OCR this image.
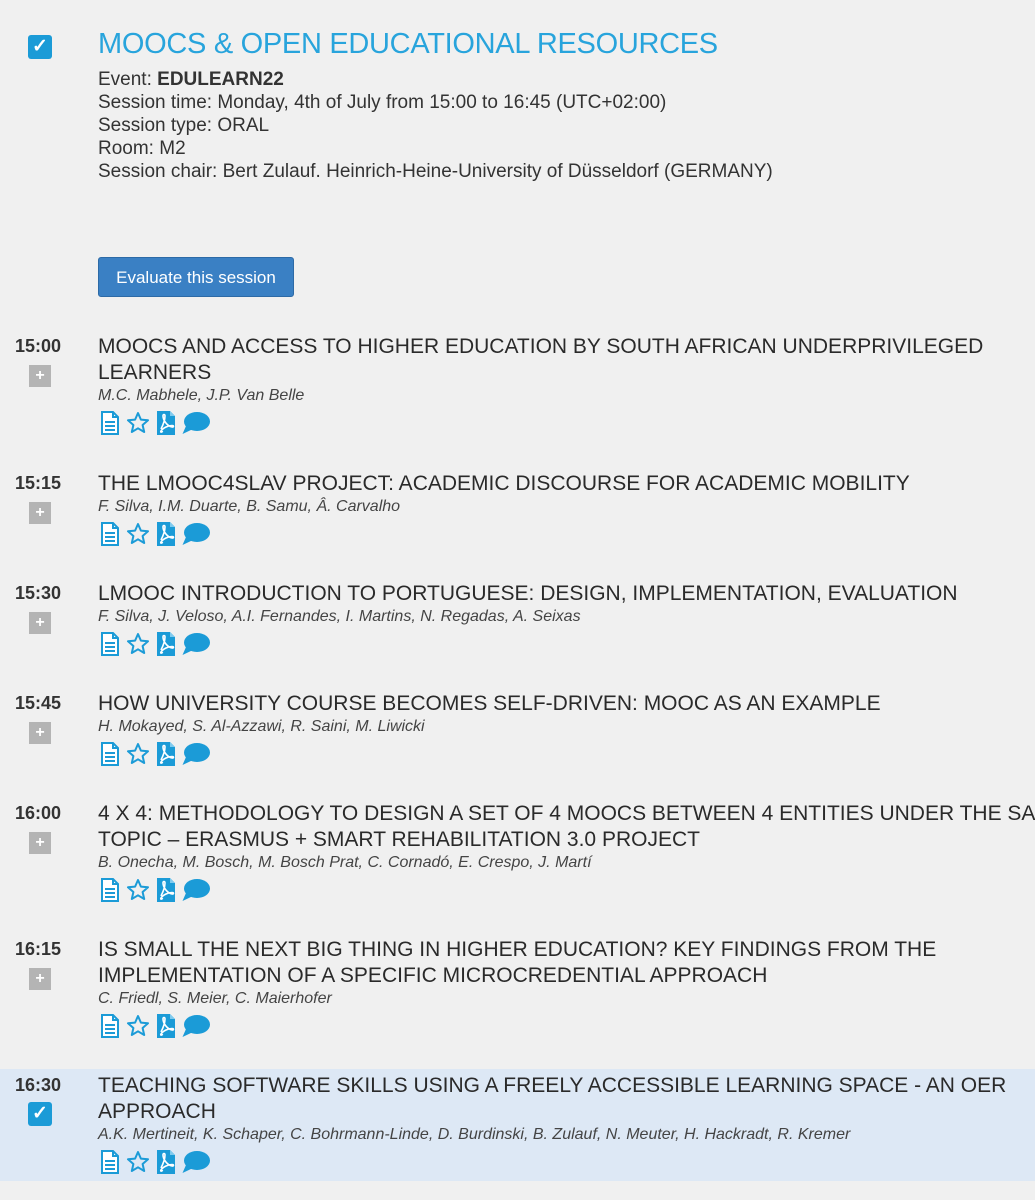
✓ MOOCS & OPEN EDUCATIONAL RESOURCES
Event: EDULEARN22
Session time: Monday, 4th of July from 15:00 to 16:45 (UTC+02:00)
Session type: ORAL
Room: M2
Session chair: Bert Zulauf. Heinrich-Heine-University of Düsseldorf (GERMANY)
Evaluate this session
15:00
+
MOOCS AND ACCESS TO HIGHER EDUCATION BY SOUTH AFRICAN UNDERPRIVILEGED
LEARNERS
M.C. Mabhele, J.P. Van Belle
15:15
+
THE LMOOC4SLAV PROJECT: ACADEMIC DISCOURSE FOR ACADEMIC MOBILITY
F. Silva, I.M. Duarte, B. Samu, Â. Carvalho
15:30
+
LMOOC INTRODUCTION TO PORTUGUESE: DESIGN, IMPLEMENTATION, EVALUATION
F. Silva, J. Veloso, A.I. Fernandes, I. Martins, N. Regadas, A. Seixas
15:45
+
HOW UNIVERSITY COURSE BECOMES SELF-DRIVEN: MOOC AS AN EXAMPLE
H. Mokayed, S. Al-Azzawi, R. Saini, M. Liwicki
16:00
+
4 X 4: METHODOLOGY TO DESIGN A SET OF 4 MOOCS BETWEEN 4 ENTITIES UNDER THE SA
TOPIC – ERASMUS + SMART REHABILITATION 3.0 PROJECT
B. Onecha, M. Bosch, M. Bosch Prat, C. Cornadó, E. Crespo, J. Martí
16:15
+
IS SMALL THE NEXT BIG THING IN HIGHER EDUCATION? KEY FINDINGS FROM THE
IMPLEMENTATION OF A SPECIFIC MICROCREDENTIAL APPROACH
C. Friedl, S. Meier, C. Maierhofer
16:30
✓
TEACHING SOFTWARE SKILLS USING A FREELY ACCESSIBLE LEARNING SPACE - AN OER
APPROACH
A.K. Mertineit, K. Schaper, C. Bohrmann-Linde, D. Burdinski, B. Zulauf, N. Meuter, H. Hackradt, R. Kremer
